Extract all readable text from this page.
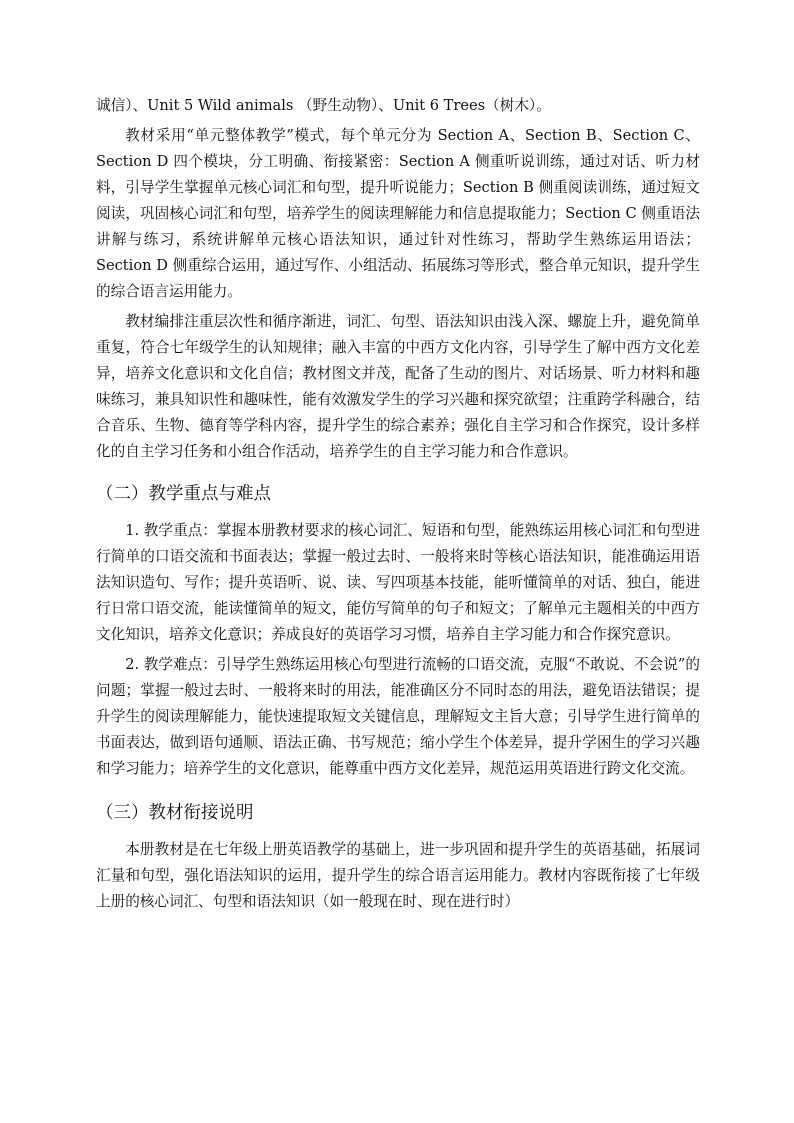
诚信）、Unit 5 Wild animals （野生动物）、Unit 6 Trees（树木）。

教材采用“单元整体教学”模式，每个单元分为 Section A、Section B、Section C、Section D 四个模块，分工明确、衔接紧密：Section A 侧重听说训练，通过对话、听力材料，引导学生掌握单元核心词汇和句型，提升听说能力；Section B 侧重阅读训练，通过短文阅读，巩固核心词汇和句型，培养学生的阅读理解能力和信息提取能力；Section C 侧重语法讲解与练习，系统讲解单元核心语法知识，通过针对性练习，帮助学生熟练运用语法；Section D 侧重综合运用，通过写作、小组活动、拓展练习等形式，整合单元知识，提升学生的综合语言运用能力。

教材编排注重层次性和循序渐进，词汇、句型、语法知识由浅入深、螺旋上升，避免简单重复，符合七年级学生的认知规律；融入丰富的中西方文化内容，引导学生了解中西方文化差异，培养文化意识和文化自信；教材图文并茂，配备了生动的图片、对话场景、听力材料和趣味练习，兼具知识性和趣味性，能有效激发学生的学习兴趣和探究欲望；注重跨学科融合，结合音乐、生物、德育等学科内容，提升学生的综合素养；强化自主学习和合作探究，设计多样化的自主学习任务和小组合作活动，培养学生的自主学习能力和合作意识。

（二）教学重点与难点

1. 教学重点：掌握本册教材要求的核心词汇、短语和句型，能熟练运用核心词汇和句型进行简单的口语交流和书面表达；掌握一般过去时、一般将来时等核心语法知识，能准确运用语法知识造句、写作；提升英语听、说、读、写四项基本技能，能听懂简单的对话、独白，能进行日常口语交流，能读懂简单的短文，能仿写简单的句子和短文；了解单元主题相关的中西方文化知识，培养文化意识；养成良好的英语学习习惯，培养自主学习能力和合作探究意识。

2. 教学难点：引导学生熟练运用核心句型进行流畅的口语交流，克服“不敢说、不会说”的问题；掌握一般过去时、一般将来时的用法，能准确区分不同时态的用法，避免语法错误；提升学生的阅读理解能力，能快速提取短文关键信息，理解短文主旨大意；引导学生进行简单的书面表达，做到语句通顺、语法正确、书写规范；缩小学生个体差异，提升学困生的学习兴趣和学习能力；培养学生的文化意识，能尊重中西方文化差异，规范运用英语进行跨文化交流。

（三）教材衔接说明

本册教材是在七年级上册英语教学的基础上，进一步巩固和提升学生的英语基础，拓展词汇量和句型，强化语法知识的运用，提升学生的综合语言运用能力。教材内容既衔接了七年级上册的核心词汇、句型和语法知识（如一般现在时、现在进行时）
